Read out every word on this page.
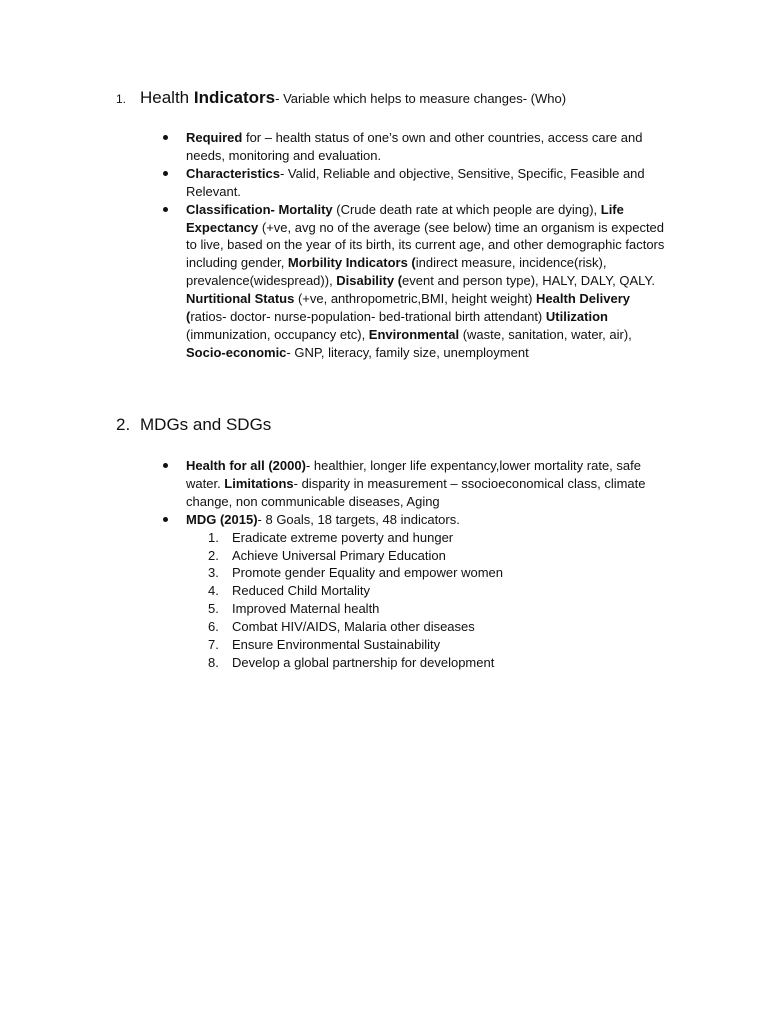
1. Health Indicators- Variable which helps to measure changes- (Who)
Required for – health status of one’s own and other countries, access care and needs, monitoring and evaluation.
Characteristics- Valid, Reliable and objective, Sensitive, Specific, Feasible and Relevant.
Classification- Mortality (Crude death rate at which people are dying), Life Expectancy (+ve, avg no of the average (see below) time an organism is expected to live, based on the year of its birth, its current age, and other demographic factors including gender, Morbility Indicators (indirect measure, incidence(risk), prevalence(widespread)), Disability (event and person type), HALY, DALY, QALY. Nurtitional Status (+ve, anthropometric,BMI, height weight) Health Delivery (ratios- doctor- nurse-population- bed-trational birth attendant) Utilization (immunization, occupancy etc), Environmental (waste, sanitation, water, air), Socio-economic- GNP, literacy, family size, unemployment
2. MDGs and SDGs
Health for all (2000)- healthier, longer life expentancy,lower mortality rate, safe water. Limitations- disparity in measurement – ssocioeconomical class, climate change, non communicable diseases, Aging
MDG (2015)- 8 Goals, 18 targets, 48 indicators.
1. Eradicate extreme poverty and hunger
2. Achieve Universal Primary Education
3. Promote gender Equality and empower women
4. Reduced Child Mortality
5. Improved Maternal health
6. Combat HIV/AIDS, Malaria other diseases
7. Ensure Environmental Sustainability
8. Develop a global partnership for development
